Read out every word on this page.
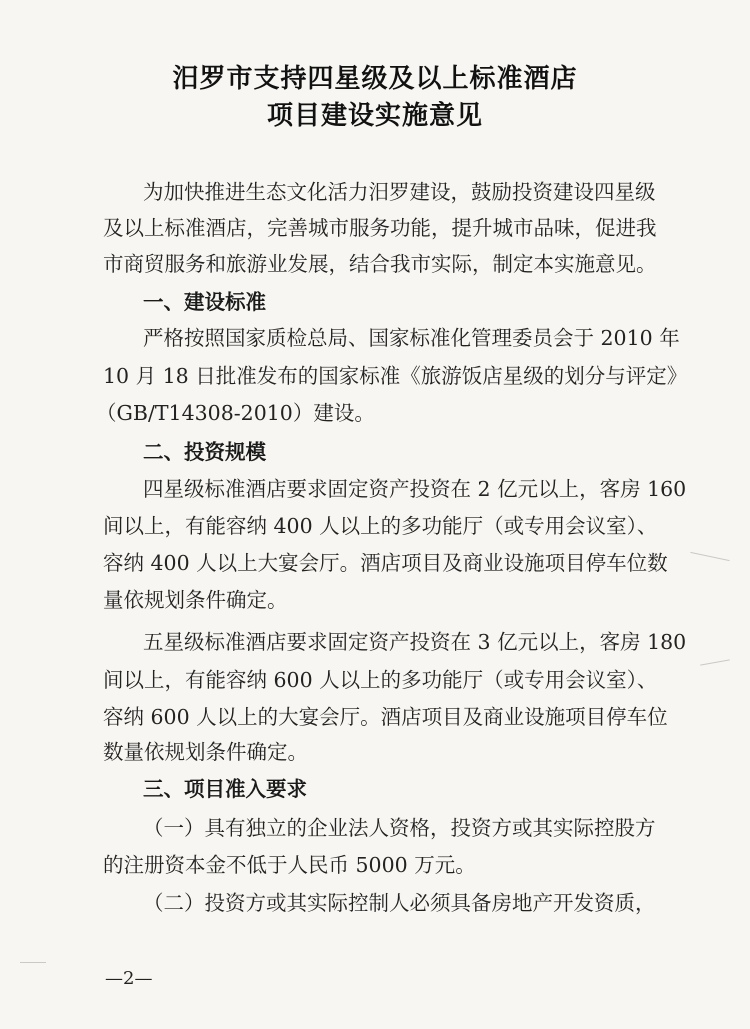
汨罗市支持四星级及以上标准酒店
项目建设实施意见
为加快推进生态文化活力汨罗建设，鼓励投资建设四星级
及以上标准酒店，完善城市服务功能，提升城市品味，促进我
市商贸服务和旅游业发展，结合我市实际，制定本实施意见。
一、建设标准
严格按照国家质检总局、国家标准化管理委员会于 2010 年
10 月 18 日批准发布的国家标准《旅游饭店星级的划分与评定》
（GB/T14308-2010）建设。
二、投资规模
四星级标准酒店要求固定资产投资在 2 亿元以上，客房 160
间以上，有能容纳 400 人以上的多功能厅（或专用会议室）、
容纳 400 人以上大宴会厅。酒店项目及商业设施项目停车位数
量依规划条件确定。
五星级标准酒店要求固定资产投资在 3 亿元以上，客房 180
间以上，有能容纳 600 人以上的多功能厅（或专用会议室）、
容纳 600 人以上的大宴会厅。酒店项目及商业设施项目停车位
数量依规划条件确定。
三、项目准入要求
（一）具有独立的企业法人资格，投资方或其实际控股方
的注册资本金不低于人民币 5000 万元。
（二）投资方或其实际控制人必须具备房地产开发资质，
—2—
